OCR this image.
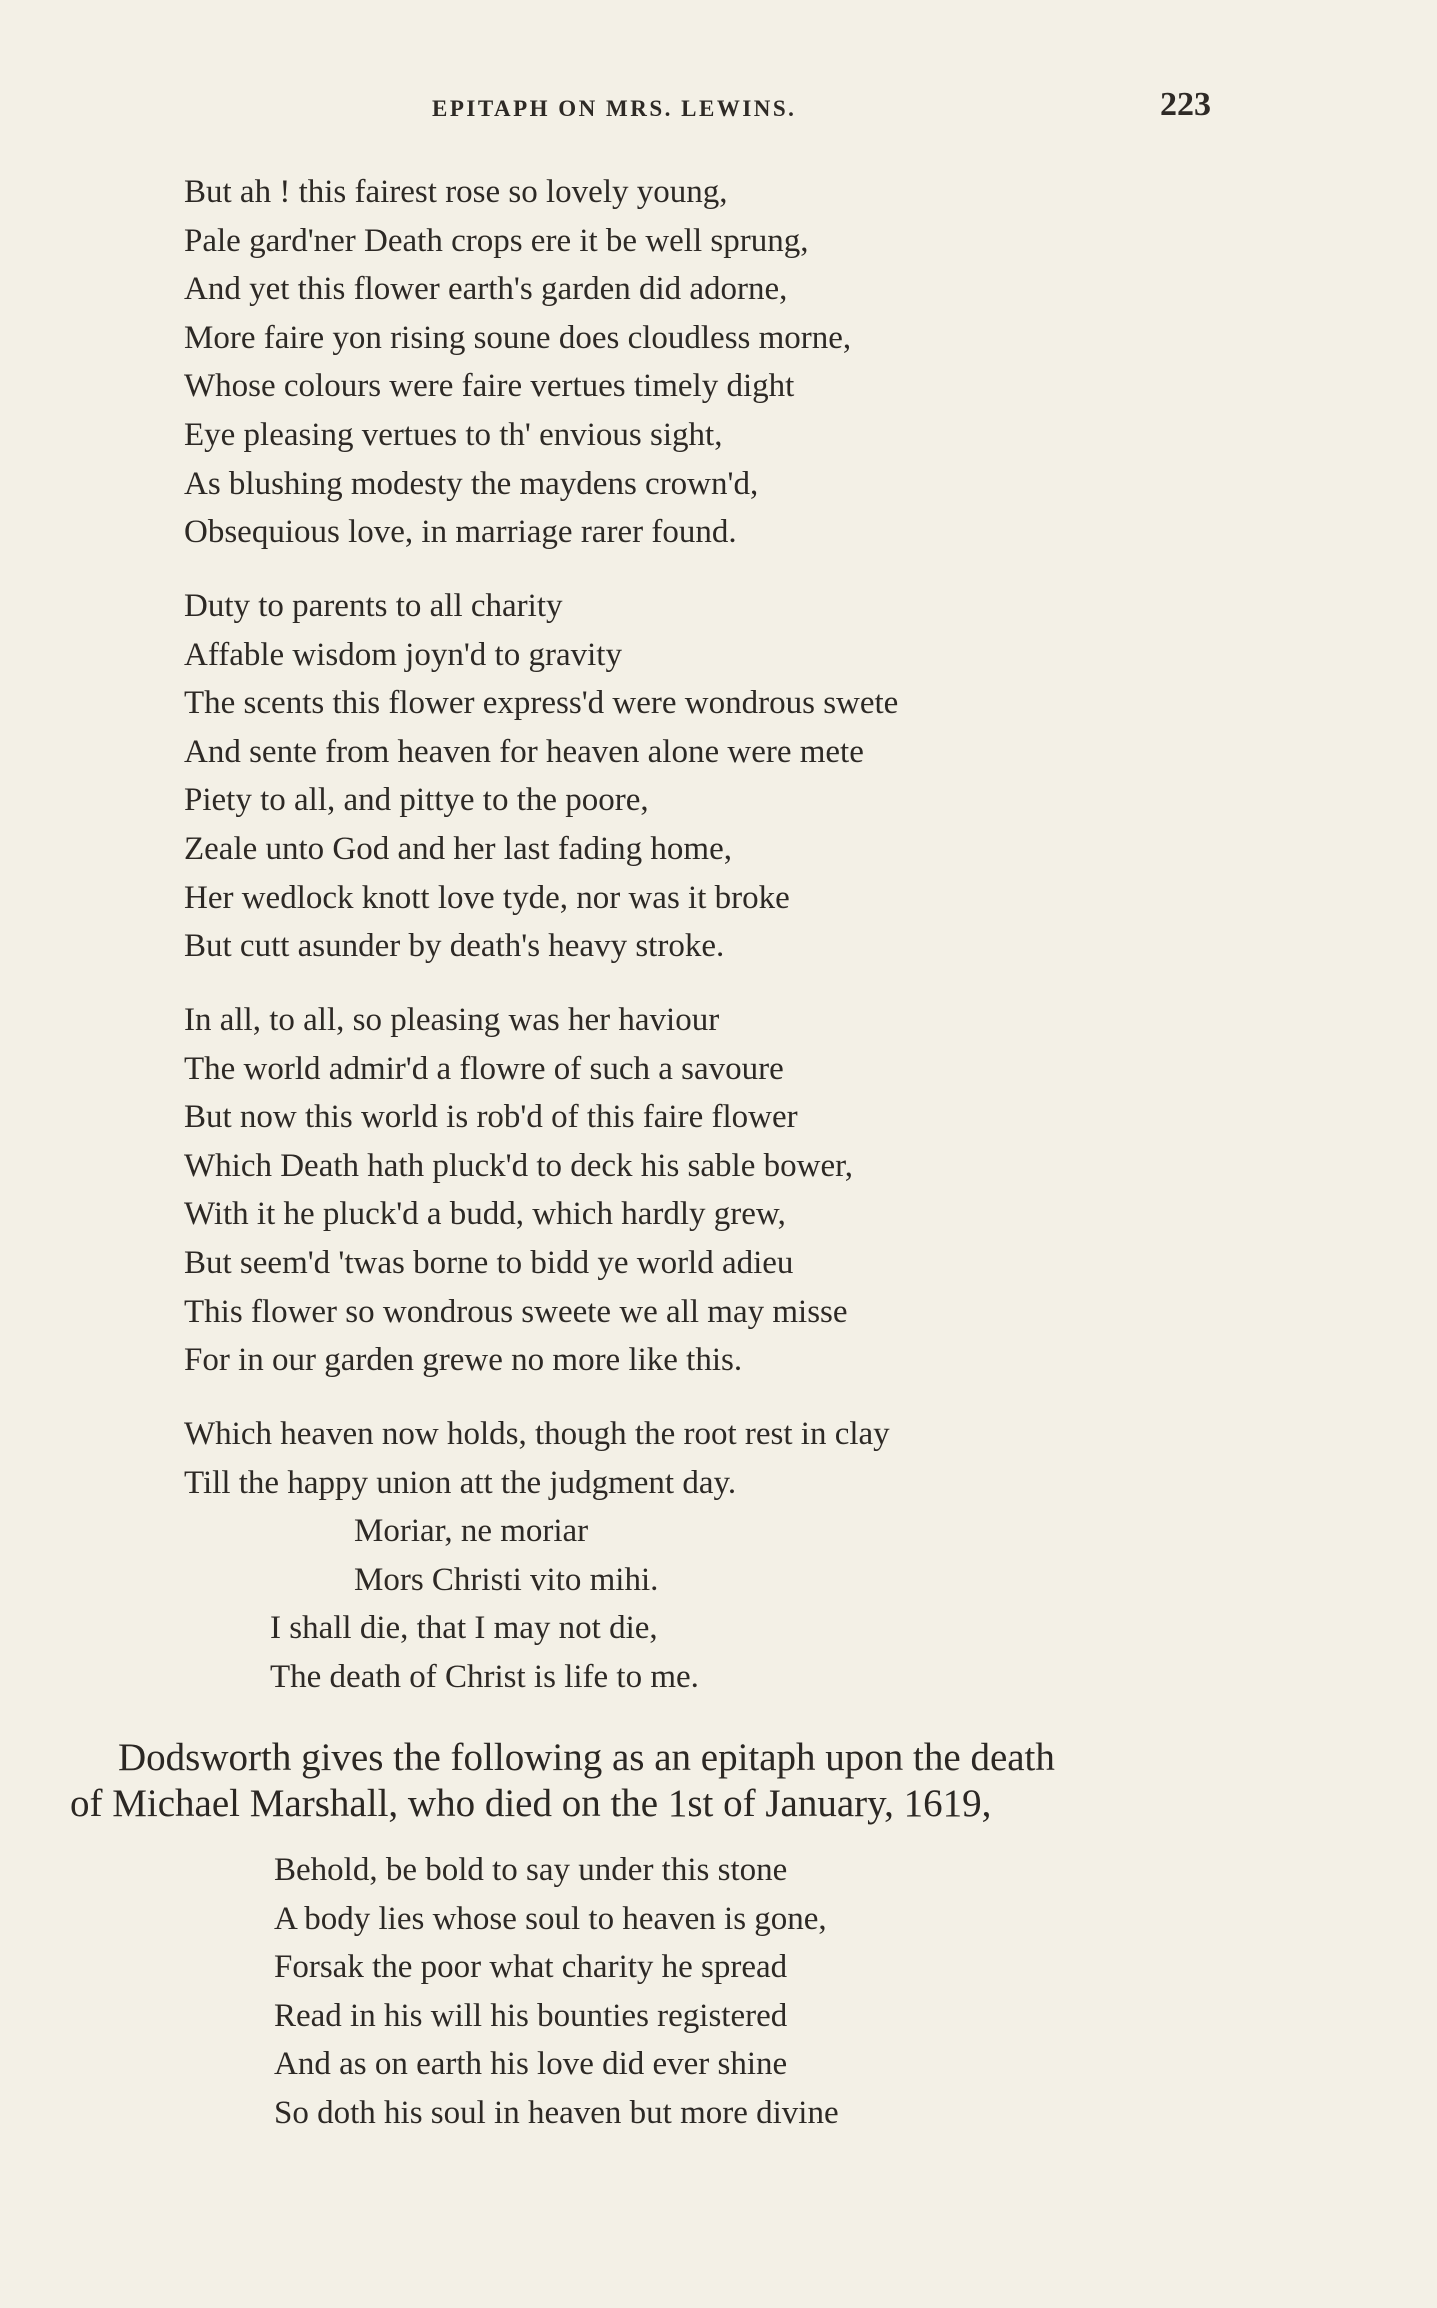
EPITAPH ON MRS. LEWINS.	223
But ah ! this fairest rose so lovely young,
Pale gard'ner Death crops ere it be well sprung,
And yet this flower earth's garden did adorne,
More faire yon rising soune does cloudless morne,
Whose colours were faire vertues timely dight
Eye pleasing vertues to th' envious sight,
As blushing modesty the maydens crown'd,
Obsequious love, in marriage rarer found.
Duty to parents to all charity
Affable wisdom joyn'd to gravity
The scents this flower express'd were wondrous swete
And sente from heaven for heaven alone were mete
Piety to all, and pittye to the poore,
Zeale unto God and her last fading home,
Her wedlock knott love tyde, nor was it broke
But cutt asunder by death's heavy stroke.
In all, to all, so pleasing was her haviour
The world admir'd a flowre of such a savoure
But now this world is rob'd of this faire flower
Which Death hath pluck'd to deck his sable bower,
With it he pluck'd a budd, which hardly grew,
But seem'd 'twas borne to bidd ye world adieu
This flower so wondrous sweete we all may misse
For in our garden grewe no more like this.
Which heaven now holds, though the root rest in clay
Till the happy union att the judgment day.
Moriar, ne moriar
Mors Christi vito mihi.
I shall die, that I may not die,
The death of Christ is life to me.
Dodsworth gives the following as an epitaph upon the death
of Michael Marshall, who died on the 1st of January, 1619,
Behold, be bold to say under this stone
A body lies whose soul to heaven is gone,
Forsak the poor what charity he spread
Read in his will his bounties registered
And as on earth his love did ever shine
So doth his soul in heaven but more divine
